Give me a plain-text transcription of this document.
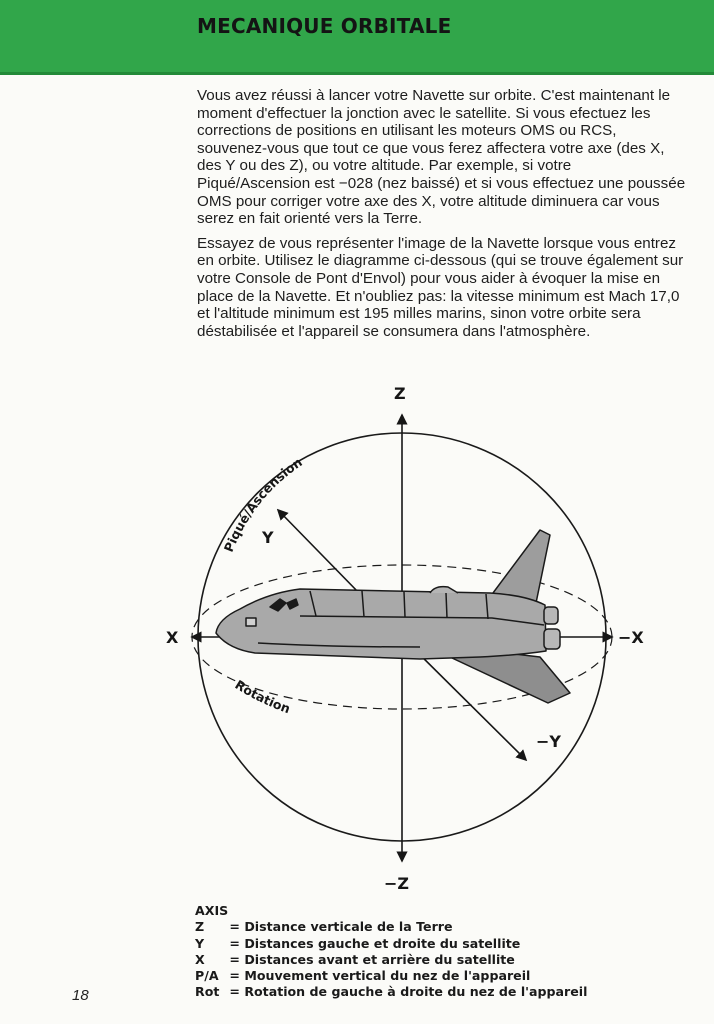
MECANIQUE ORBITALE

Vous avez réussi à lancer votre Navette sur orbite. C'est maintenant le moment d'effectuer la jonction avec le satellite. Si vous efectuez les corrections de positions en utilisant les moteurs OMS ou RCS, souvenez-vous que tout ce que vous ferez affectera votre axe (des X, des Y ou des Z), ou votre altitude. Par exemple, si votre Piqué/Ascension est −028 (nez baissé) et si vous effectuez une poussée OMS pour corriger votre axe des X, votre altitude diminuera car vous serez en fait orienté vers la Terre.

Essayez de vous représenter l'image de la Navette lorsque vous entrez en orbite. Utilisez le diagramme ci-dessous (qui se trouve également sur votre Console de Pont d'Envol) pour vous aider à évoquer la mise en place de la Navette. Et n'oubliez pas: la vitesse minimum est Mach 17,0 et l'altitude minimum est 195 milles marins, sinon votre orbite sera déstabilisée et l'appareil se consumera dans l'atmosphère.

Z
−Z
X	−X
Y
−Y
Piqué/Ascension
Rotation
AXIS
Z = Distance verticale de la Terre
Y = Distances gauche et droite du satellite
X = Distances avant et arrière du satellite
P/A = Mouvement vertical du nez de l'appareil
Rot = Rotation de gauche à droite du nez de l'appareil
18
